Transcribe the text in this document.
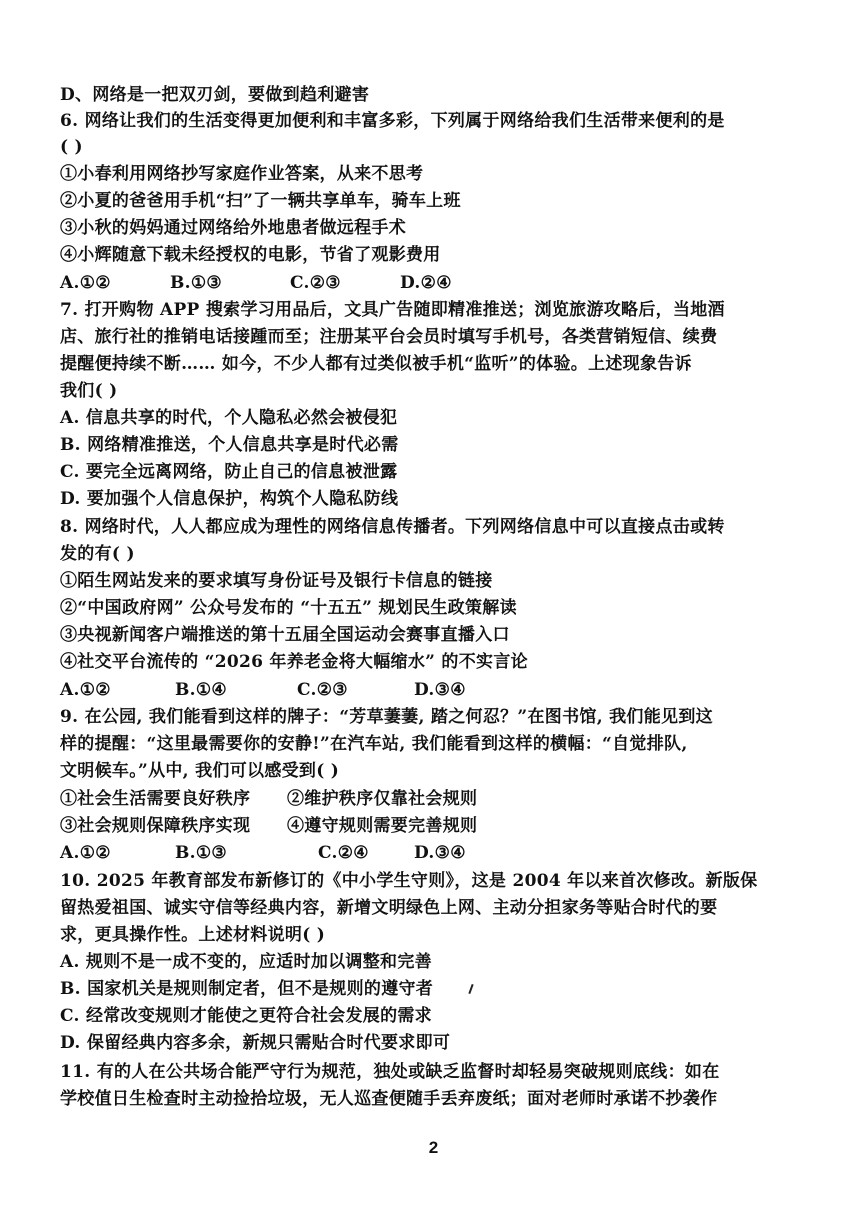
D、网络是一把双刃剑，要做到趋利避害
6. 网络让我们的生活变得更加便利和丰富多彩，下列属于网络给我们生活带来便利的是
( )
①小春利用网络抄写家庭作业答案，从来不思考
②小夏的爸爸用手机“扫”了一辆共享单车，骑车上班
③小秋的妈妈通过网络给外地患者做远程手术
④小辉随意下载未经授权的电影，节省了观影费用
A.①②	B.①③	C.②③	D.②④
7. 打开购物 APP 搜索学习用品后，文具广告随即精准推送；浏览旅游攻略后，当地酒
店、旅行社的推销电话接踵而至；注册某平台会员时填写手机号，各类营销短信、续费
提醒便持续不断…… 如今，不少人都有过类似被手机“监听”的体验。上述现象告诉
我们( )
A. 信息共享的时代，个人隐私必然会被侵犯
B. 网络精准推送，个人信息共享是时代必需
C. 要完全远离网络，防止自己的信息被泄露
D. 要加强个人信息保护，构筑个人隐私防线
8. 网络时代，人人都应成为理性的网络信息传播者。下列网络信息中可以直接点击或转
发的有( )
①陌生网站发来的要求填写身份证号及银行卡信息的链接
②“中国政府网” 公众号发布的 “十五五” 规划民生政策解读
③央视新闻客户端推送的第十五届全国运动会赛事直播入口
④社交平台流传的 “2026 年养老金将大幅缩水” 的不实言论
A.①②	B.①④	C.②③	D.③④
9. 在公园, 我们能看到这样的牌子：“芳草萋萋, 踏之何忍？”在图书馆, 我们能见到这
样的提醒：“这里最需要你的安静!”在汽车站, 我们能看到这样的横幅：“自觉排队,
文明候车。”从中, 我们可以感受到( )
①社会生活需要良好秩序 ②维护秩序仅靠社会规则
③社会规则保障秩序实现 ④遵守规则需要完善规则
A.①②	B.①③	C.②④	D.③④
10. 2025 年教育部发布新修订的《中小学生守则》，这是 2004 年以来首次修改。新版保
留热爱祖国、诚实守信等经典内容，新增文明绿色上网、主动分担家务等贴合时代的要
求，更具操作性。上述材料说明( )
A. 规则不是一成不变的，应适时加以调整和完善
B. 国家机关是规则制定者，但不是规则的遵守者
C. 经常改变规则才能使之更符合社会发展的需求
D. 保留经典内容多余，新规只需贴合时代要求即可
11. 有的人在公共场合能严守行为规范，独处或缺乏监督时却轻易突破规则底线：如在
学校值日生检查时主动捡拾垃圾，无人巡查便随手丢弃废纸；面对老师时承诺不抄袭作
2
